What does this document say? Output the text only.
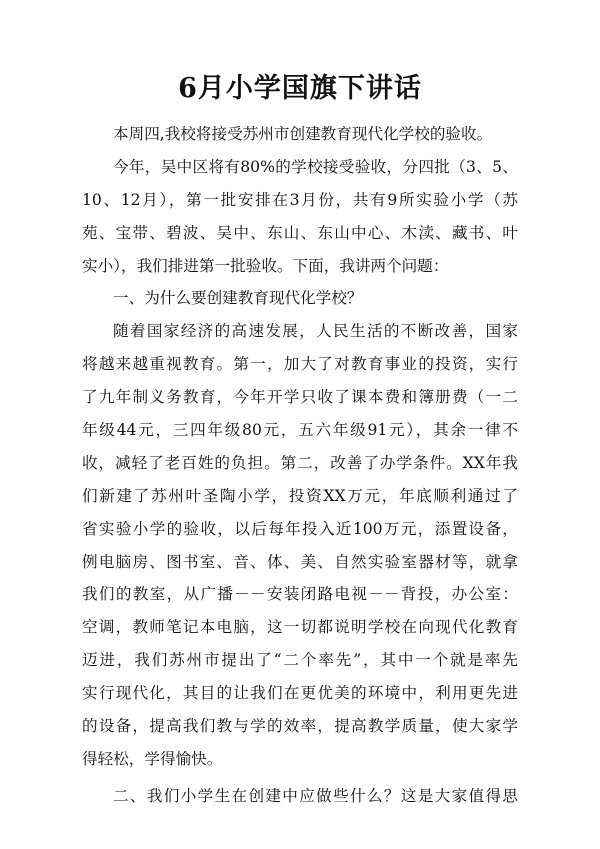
6月小学国旗下讲话
本周四,我校将接受苏州市创建教育现代化学校的验收。
今年，吴中区将有80%的学校接受验收，分四批（3、5、
10、12月），第一批安排在3月份，共有9所实验小学（苏
苑、宝带、碧波、吴中、东山、东山中心、木渎、藏书、叶
实小），我们排进第一批验收。下面，我讲两个问题：
一、为什么要创建教育现代化学校？
随着国家经济的高速发展，人民生活的不断改善，国家
将越来越重视教育。第一，加大了对教育事业的投资，实行
了九年制义务教育，今年开学只收了课本费和簿册费（一二
年级44元，三四年级80元，五六年级91元），其余一律不
收，减轻了老百姓的负担。第二，改善了办学条件。XX年我
们新建了苏州叶圣陶小学，投资XX万元，年底顺利通过了
省实验小学的验收，以后每年投入近100万元，添置设备，
例电脑房、图书室、音、体、美、自然实验室器材等，就拿
我们的教室，从广播－－安装闭路电视－－背投，办公室：
空调，教师笔记本电脑，这一切都说明学校在向现代化教育
迈进，我们苏州市提出了“二个率先”，其中一个就是率先
实行现代化，其目的让我们在更优美的环境中，利用更先进
的设备，提高我们教与学的效率，提高教学质量，使大家学
得轻松，学得愉快。
二、我们小学生在创建中应做些什么？这是大家值得思
